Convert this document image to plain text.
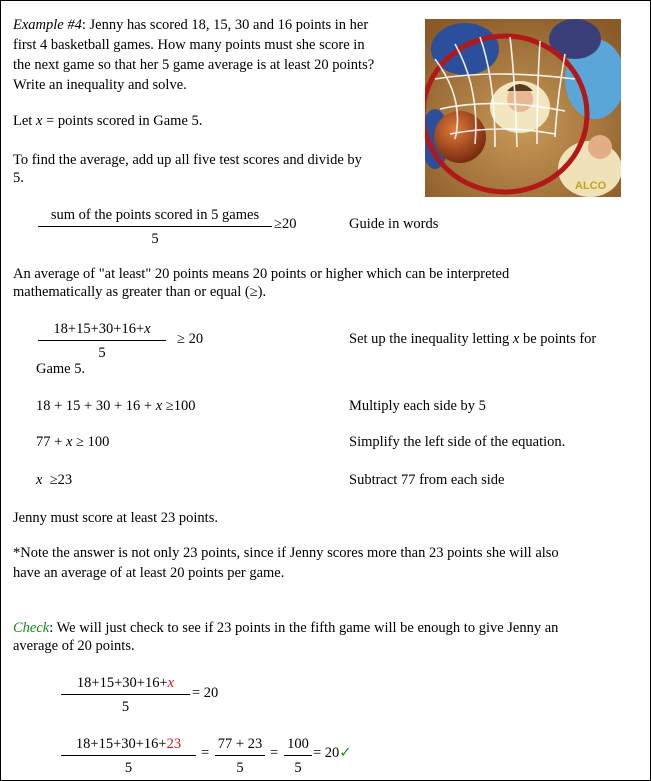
Example #4: Jenny has scored 18, 15, 30 and 16 points in her
first 4 basketball games. How many points must she score in
the next game so that her 5 game average is at least 20 points?
Write an inequality and solve.
ALCO
Let x = points scored in Game 5.
To find the average, add up all five test scores and divide by
5.
sum of the points scored in 5 games
5
≥20	Guide in words
An average of "at least" 20 points means 20 points or higher which can be interpreted
mathematically as greater than or equal (≥).
18+15+30+16+x
5
≥ 20	Set up the inequality letting x be points for
Game 5.
18 + 15 + 30 + 16 + x ≥100	Multiply each side by 5
77 + x ≥ 100	Simplify the left side of the equation.
x  ≥23	Subtract 77 from each side
Jenny must score at least 23 points.
*Note the answer is not only 23 points, since if Jenny scores more than 23 points she will also
have an average of at least 20 points per game.
Check: We will just check to see if 23 points in the fifth game will be enough to give Jenny an
average of 20 points.
18+15+30+16+x
5
= 20
18+15+30+16+23
5
=
77 + 23
5
=
100
5
= 20✓
